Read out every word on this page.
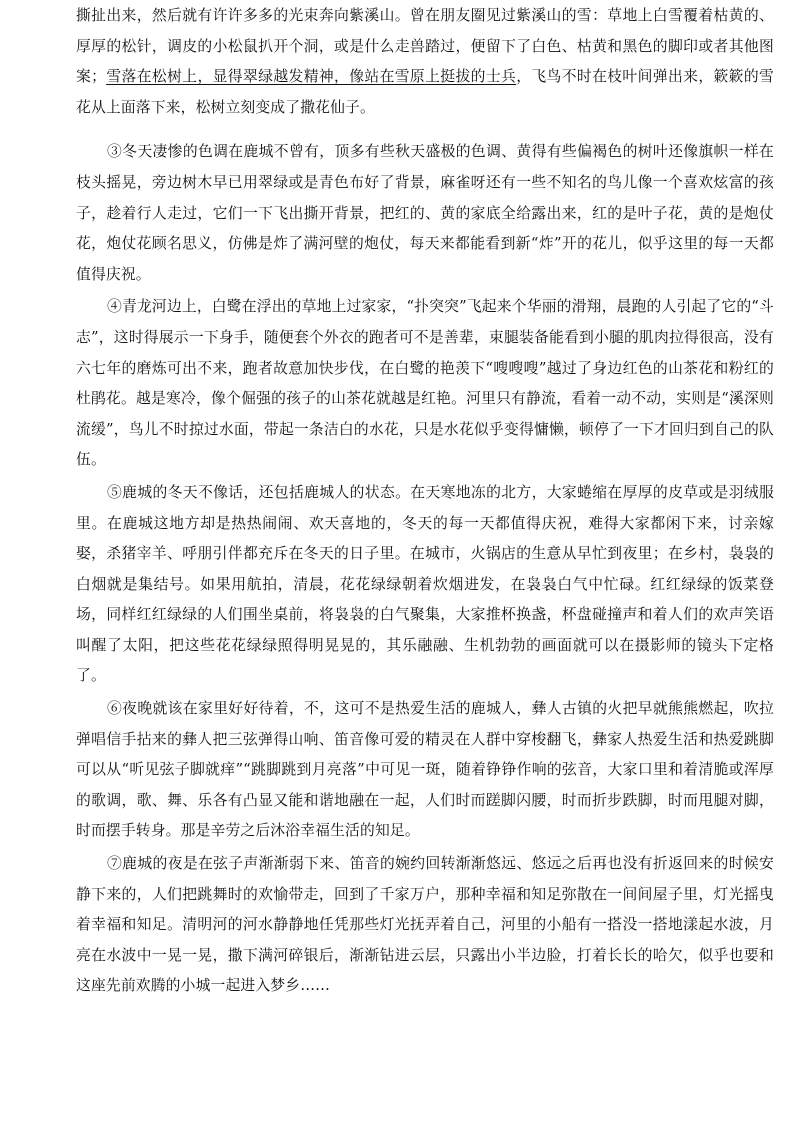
撕扯出来，然后就有许许多多的光束奔向紫溪山。曾在朋友圈见过紫溪山的雪：草地上白雪覆着枯黄的、厚厚的松针，调皮的小松鼠扒开个洞，或是什么走兽踏过，便留下了白色、枯黄和黑色的脚印或者其他图案；雪落在松树上，显得翠绿越发精神，像站在雪原上挺拔的士兵，飞鸟不时在枝叶间弹出来，簌簌的雪花从上面落下来，松树立刻变成了撒花仙子。

③冬天凄惨的色调在鹿城不曾有，顶多有些秋天盛极的色调、黄得有些偏褐色的树叶还像旗帜一样在枝头摇晃，旁边树木早已用翠绿或是青色布好了背景，麻雀呀还有一些不知名的鸟儿像一个喜欢炫富的孩子，趁着行人走过，它们一下飞出撕开背景，把红的、黄的家底全给露出来，红的是叶子花，黄的是炮仗花，炮仗花顾名思义，仿佛是炸了满河壁的炮仗，每天来都能看到新“炸”开的花儿，似乎这里的每一天都值得庆祝。

④青龙河边上，白鹭在浮出的草地上过家家，“扑突突”飞起来个华丽的滑翔，晨跑的人引起了它的“斗志”，这时得展示一下身手，随便套个外衣的跑者可不是善辈，束腿装备能看到小腿的肌肉拉得很高，没有六七年的磨炼可出不来，跑者故意加快步伐，在白鹭的艳羡下“嗖嗖嗖”越过了身边红色的山茶花和粉红的杜鹃花。越是寒冷，像个倔强的孩子的山茶花就越是红艳。河里只有静流，看着一动不动，实则是“溪深则流缓”，鸟儿不时掠过水面，带起一条洁白的水花，只是水花似乎变得慵懒，顿停了一下才回归到自己的队伍。

⑤鹿城的冬天不像话，还包括鹿城人的状态。在天寒地冻的北方，大家蜷缩在厚厚的皮草或是羽绒服里。在鹿城这地方却是热热闹闹、欢天喜地的，冬天的每一天都值得庆祝，难得大家都闲下来，讨亲嫁娶，杀猪宰羊、呼朋引伴都充斥在冬天的日子里。在城市，火锅店的生意从早忙到夜里；在乡村，袅袅的白烟就是集结号。如果用航拍，清晨，花花绿绿朝着炊烟进发，在袅袅白气中忙碌。红红绿绿的饭菜登场，同样红红绿绿的人们围坐桌前，将袅袅的白气聚集，大家推杯换盏，杯盘碰撞声和着人们的欢声笑语叫醒了太阳，把这些花花绿绿照得明晃晃的，其乐融融、生机勃勃的画面就可以在摄影师的镜头下定格了。

⑥夜晚就该在家里好好待着，不，这可不是热爱生活的鹿城人，彝人古镇的火把早就熊熊燃起，吹拉弹唱信手拈来的彝人把三弦弹得山响、笛音像可爱的精灵在人群中穿梭翻飞，彝家人热爱生活和热爱跳脚可以从“听见弦子脚就痒”“跳脚跳到月亮落”中可见一斑，随着铮铮作响的弦音，大家口里和着清脆或浑厚的歌调，歌、舞、乐各有凸显又能和谐地融在一起，人们时而蹉脚闪腰，时而折步跌脚，时而甩腿对脚，时而摆手转身。那是辛劳之后沐浴幸福生活的知足。

⑦鹿城的夜是在弦子声渐渐弱下来、笛音的婉约回转渐渐悠远、悠远之后再也没有折返回来的时候安静下来的，人们把跳舞时的欢愉带走，回到了千家万户，那种幸福和知足弥散在一间间屋子里，灯光摇曳着幸福和知足。清明河的河水静静地任凭那些灯光抚弄着自己，河里的小船有一搭没一搭地漾起水波，月亮在水波中一晃一晃，撒下满河碎银后，渐渐钻进云层，只露出小半边脸，打着长长的哈欠，似乎也要和这座先前欢腾的小城一起进入梦乡……
